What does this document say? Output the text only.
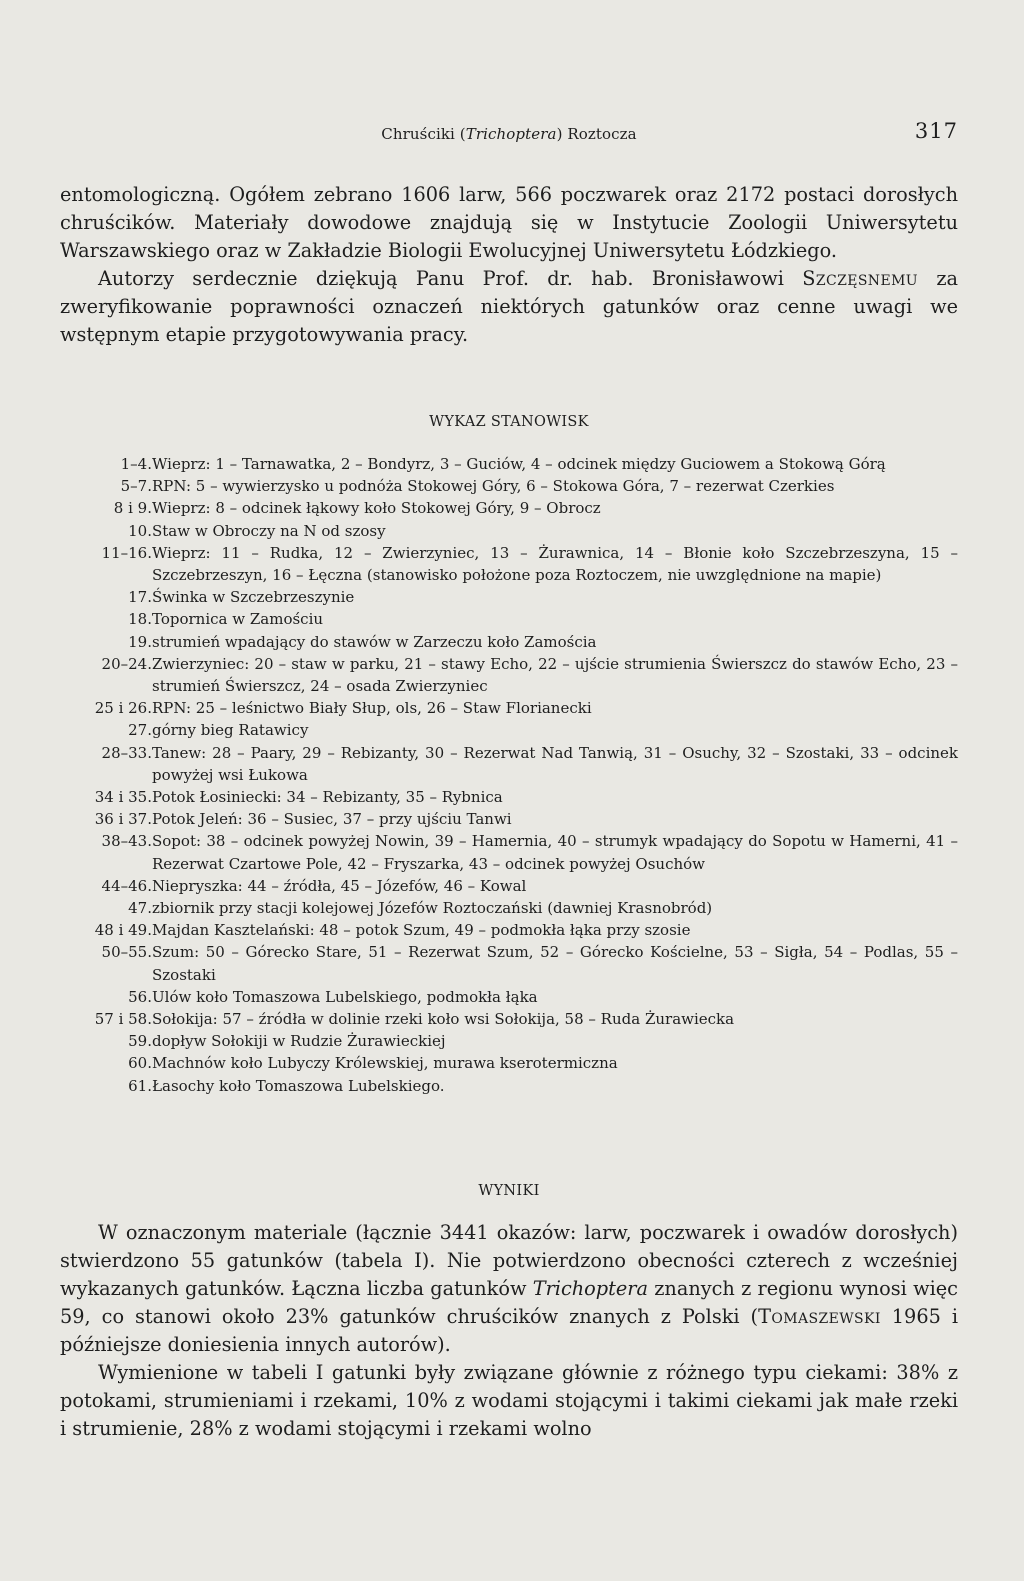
Chruściki (Trichoptera) Roztocza	317

entomologiczną. Ogółem zebrano 1606 larw, 566 poczwarek oraz 2172 postaci dorosłych chruścików. Materiały dowodowe znajdują się w Instytucie Zoologii Uniwersytetu Warszawskiego oraz w Zakładzie Biologii Ewolucyjnej Uniwersytetu Łódzkiego.

Autorzy serdecznie dziękują Panu Prof. dr. hab. Bronisławowi Szczęsnemu za zweryfikowanie poprawności oznaczeń niektórych gatunków oraz cenne uwagi we wstępnym etapie przygotowywania pracy.

WYKAZ STANOWISK
1–4. Wieprz: 1 – Tarnawatka, 2 – Bondyrz, 3 – Guciów, 4 – odcinek między Guciowem a Stokową Górą
5–7. RPN: 5 – wywierzysko u podnóża Stokowej Góry, 6 – Stokowa Góra, 7 – rezerwat Czerkies
8 i 9. Wieprz: 8 – odcinek łąkowy koło Stokowej Góry, 9 – Obrocz
10. Staw w Obroczy na N od szosy
11–16. Wieprz: 11 – Rudka, 12 – Zwierzyniec, 13 – Żurawnica, 14 – Błonie koło Szczebrzeszyna, 15 – Szczebrzeszyn, 16 – Łęczna (stanowisko położone poza Roztoczem, nie uwzględnione na mapie)
17. Świnka w Szczebrzeszynie
18. Topornica w Zamościu
19. strumień wpadający do stawów w Zarzeczu koło Zamościa
20–24. Zwierzyniec: 20 – staw w parku, 21 – stawy Echo, 22 – ujście strumienia Świerszcz do stawów Echo, 23 – strumień Świerszcz, 24 – osada Zwierzyniec
25 i 26. RPN: 25 – leśnictwo Biały Słup, ols, 26 – Staw Florianecki
27. górny bieg Ratawicy
28–33. Tanew: 28 – Paary, 29 – Rebizanty, 30 – Rezerwat Nad Tanwią, 31 – Osuchy, 32 – Szostaki, 33 – odcinek powyżej wsi Łukowa
34 i 35. Potok Łosiniecki: 34 – Rebizanty, 35 – Rybnica
36 i 37. Potok Jeleń: 36 – Susiec, 37 – przy ujściu Tanwi
38–43. Sopot: 38 – odcinek powyżej Nowin, 39 – Hamernia, 40 – strumyk wpadający do Sopotu w Hamerni, 41 – Rezerwat Czartowe Pole, 42 – Fryszarka, 43 – odcinek powyżej Osuchów
44–46. Niepryszka: 44 – źródła, 45 – Józefów, 46 – Kowal
47. zbiornik przy stacji kolejowej Józefów Roztoczański (dawniej Krasnobród)
48 i 49. Majdan Kasztelański: 48 – potok Szum, 49 – podmokła łąka przy szosie
50–55. Szum: 50 – Górecko Stare, 51 – Rezerwat Szum, 52 – Górecko Kościelne, 53 – Sigła, 54 – Podlas, 55 – Szostaki
56. Ulów koło Tomaszowa Lubelskiego, podmokła łąka
57 i 58. Sołokija: 57 – źródła w dolinie rzeki koło wsi Sołokija, 58 – Ruda Żurawiecka
59. dopływ Sołokiji w Rudzie Żurawieckiej
60. Machnów koło Lubyczy Królewskiej, murawa kserotermiczna
61. Łasochy koło Tomaszowa Lubelskiego.
WYNIKI

W oznaczonym materiale (łącznie 3441 okazów: larw, poczwarek i owadów dorosłych) stwierdzono 55 gatunków (tabela I). Nie potwierdzono obecności czterech z wcześniej wykazanych gatunków. Łączna liczba gatunków Trichoptera znanych z regionu wynosi więc 59, co stanowi około 23% gatunków chruścików znanych z Polski (Tomaszewski 1965 i późniejsze doniesienia innych autorów).

Wymienione w tabeli I gatunki były związane głównie z różnego typu ciekami: 38% z potokami, strumieniami i rzekami, 10% z wodami stojącymi i takimi ciekami jak małe rzeki i strumienie, 28% z wodami stojącymi i rzekami wolno
